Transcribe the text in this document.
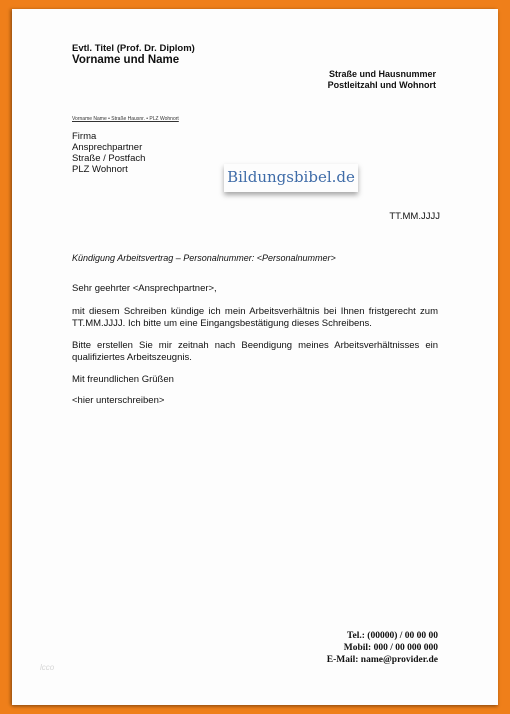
Evtl. Titel (Prof. Dr. Diplom)
Vorname und Name
Straße und Hausnummer
Postleitzahl und Wohnort
Vorname Name • Straße Hausnr. • PLZ Wohnort
Firma
Ansprechpartner
Straße / Postfach
PLZ Wohnort	Bildungsbibel.de
TT.MM.JJJJ
Kündigung Arbeitsvertrag – Personalnummer: <Personalnummer>
Sehr geehrter <Ansprechpartner>,
mit diesem Schreiben kündige ich mein Arbeitsverhältnis bei Ihnen fristgerecht zum TT.MM.JJJJ. Ich bitte um eine Eingangsbestätigung dieses Schreibens.
Bitte erstellen Sie mir zeitnah nach Beendigung meines Arbeitsverhältnisses ein qualifiziertes Arbeitszeugnis.
Mit freundlichen Grüßen
<hier unterschreiben>
Tel.: (00000) / 00 00 00
Mobil: 000 / 00 000 000
E-Mail: name@provider.de
lcco
